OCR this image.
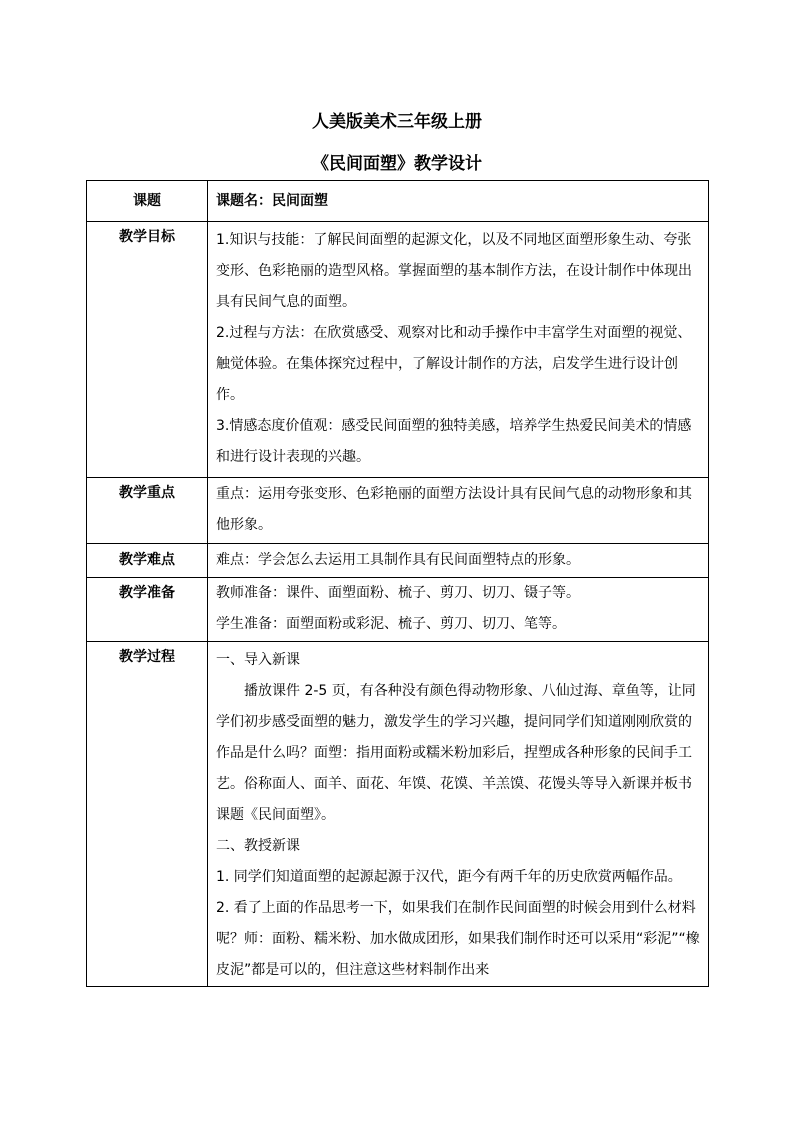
人美版美术三年级上册
《民间面塑》教学设计
课题	课题名：民间面塑
教学目标	1.知识与技能：了解民间面塑的起源文化，以及不同地区面塑形象生动、夸张变形、色彩艳丽的造型风格。掌握面塑的基本制作方法，在设计制作中体现出具有民间气息的面塑。

2.过程与方法：在欣赏感受、观察对比和动手操作中丰富学生对面塑的视觉、触觉体验。在集体探究过程中，了解设计制作的方法，启发学生进行设计创作。

3.情感态度价值观：感受民间面塑的独特美感，培养学生热爱民间美术的情感和进行设计表现的兴趣。

教学重点	重点：运用夸张变形、色彩艳丽的面塑方法设计具有民间气息的动物形象和其他形象。

教学难点	难点：学会怎么去运用工具制作具有民间面塑特点的形象。
教学准备	教师准备：课件、面塑面粉、梳子、剪刀、切刀、镊子等。

学生准备：面塑面粉或彩泥、梳子、剪刀、切刀、笔等。

教学过程	一、导入新课

播放课件 2-5 页，有各种没有颜色得动物形象、八仙过海、章鱼等，让同学们初步感受面塑的魅力，激发学生的学习兴趣，提问同学们知道刚刚欣赏的作品是什么吗？面塑：指用面粉或糯米粉加彩后，捏塑成各种形象的民间手工艺。俗称面人、面羊、面花、年馍、花馍、羊羔馍、花馒头等导入新课并板书课题《民间面塑》。

二、教授新课

1. 同学们知道面塑的起源起源于汉代，距今有两千年的历史欣赏两幅作品。

2. 看了上面的作品思考一下，如果我们在制作民间面塑的时候会用到什么材料呢？师：面粉、糯米粉、加水做成团形，如果我们制作时还可以采用“彩泥”“橡皮泥”都是可以的，但注意这些材料制作出来
